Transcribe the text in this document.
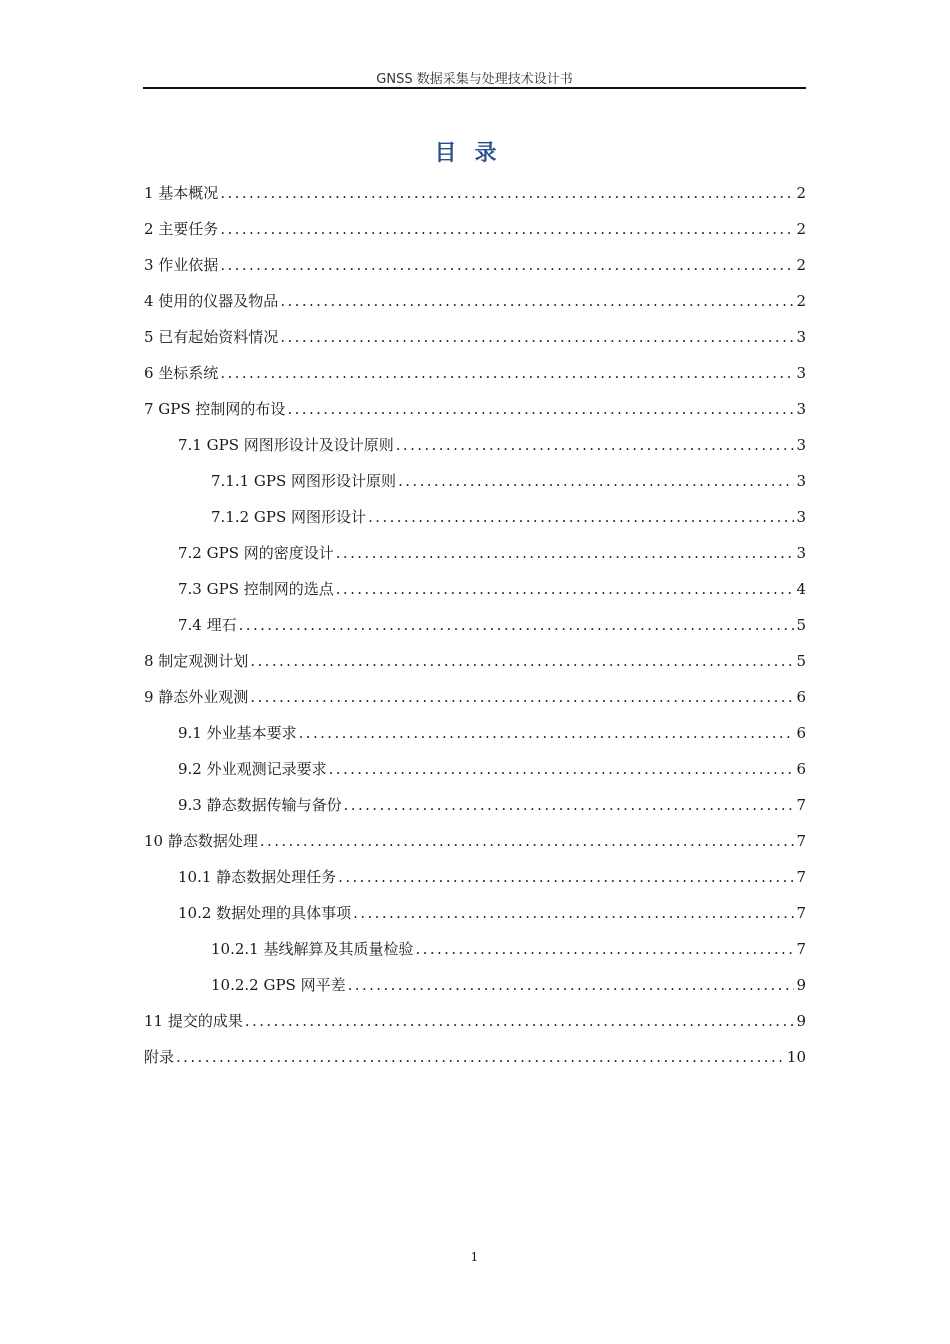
GNSS 数据采集与处理技术设计书
目录
1 基本概况 .....	2
2 主要任务 .....	2
3 作业依据 .....	2
4 使用的仪器及物品 .....	2
5 已有起始资料情况 .....	3
6 坐标系统 .....	3
7 GPS 控制网的布设 .....	3
7.1 GPS 网图形设计及设计原则 .....	3
7.1.1 GPS 网图形设计原则 .....	3
7.1.2 GPS 网图形设计 .....	3
7.2 GPS 网的密度设计 .....	3
7.3 GPS 控制网的选点 .....	4
7.4 埋石 .....	5
8 制定观测计划 .....	5
9 静态外业观测 .....	6
9.1 外业基本要求 .....	6
9.2 外业观测记录要求 .....	6
9.3 静态数据传输与备份 .....	7
10 静态数据处理 .....	7
10.1 静态数据处理任务 .....	7
10.2 数据处理的具体事项 .....	7
10.2.1 基线解算及其质量检验 .....	7
10.2.2 GPS 网平差 .....	9
11 提交的成果 .....	9
附录 .....	10
1
